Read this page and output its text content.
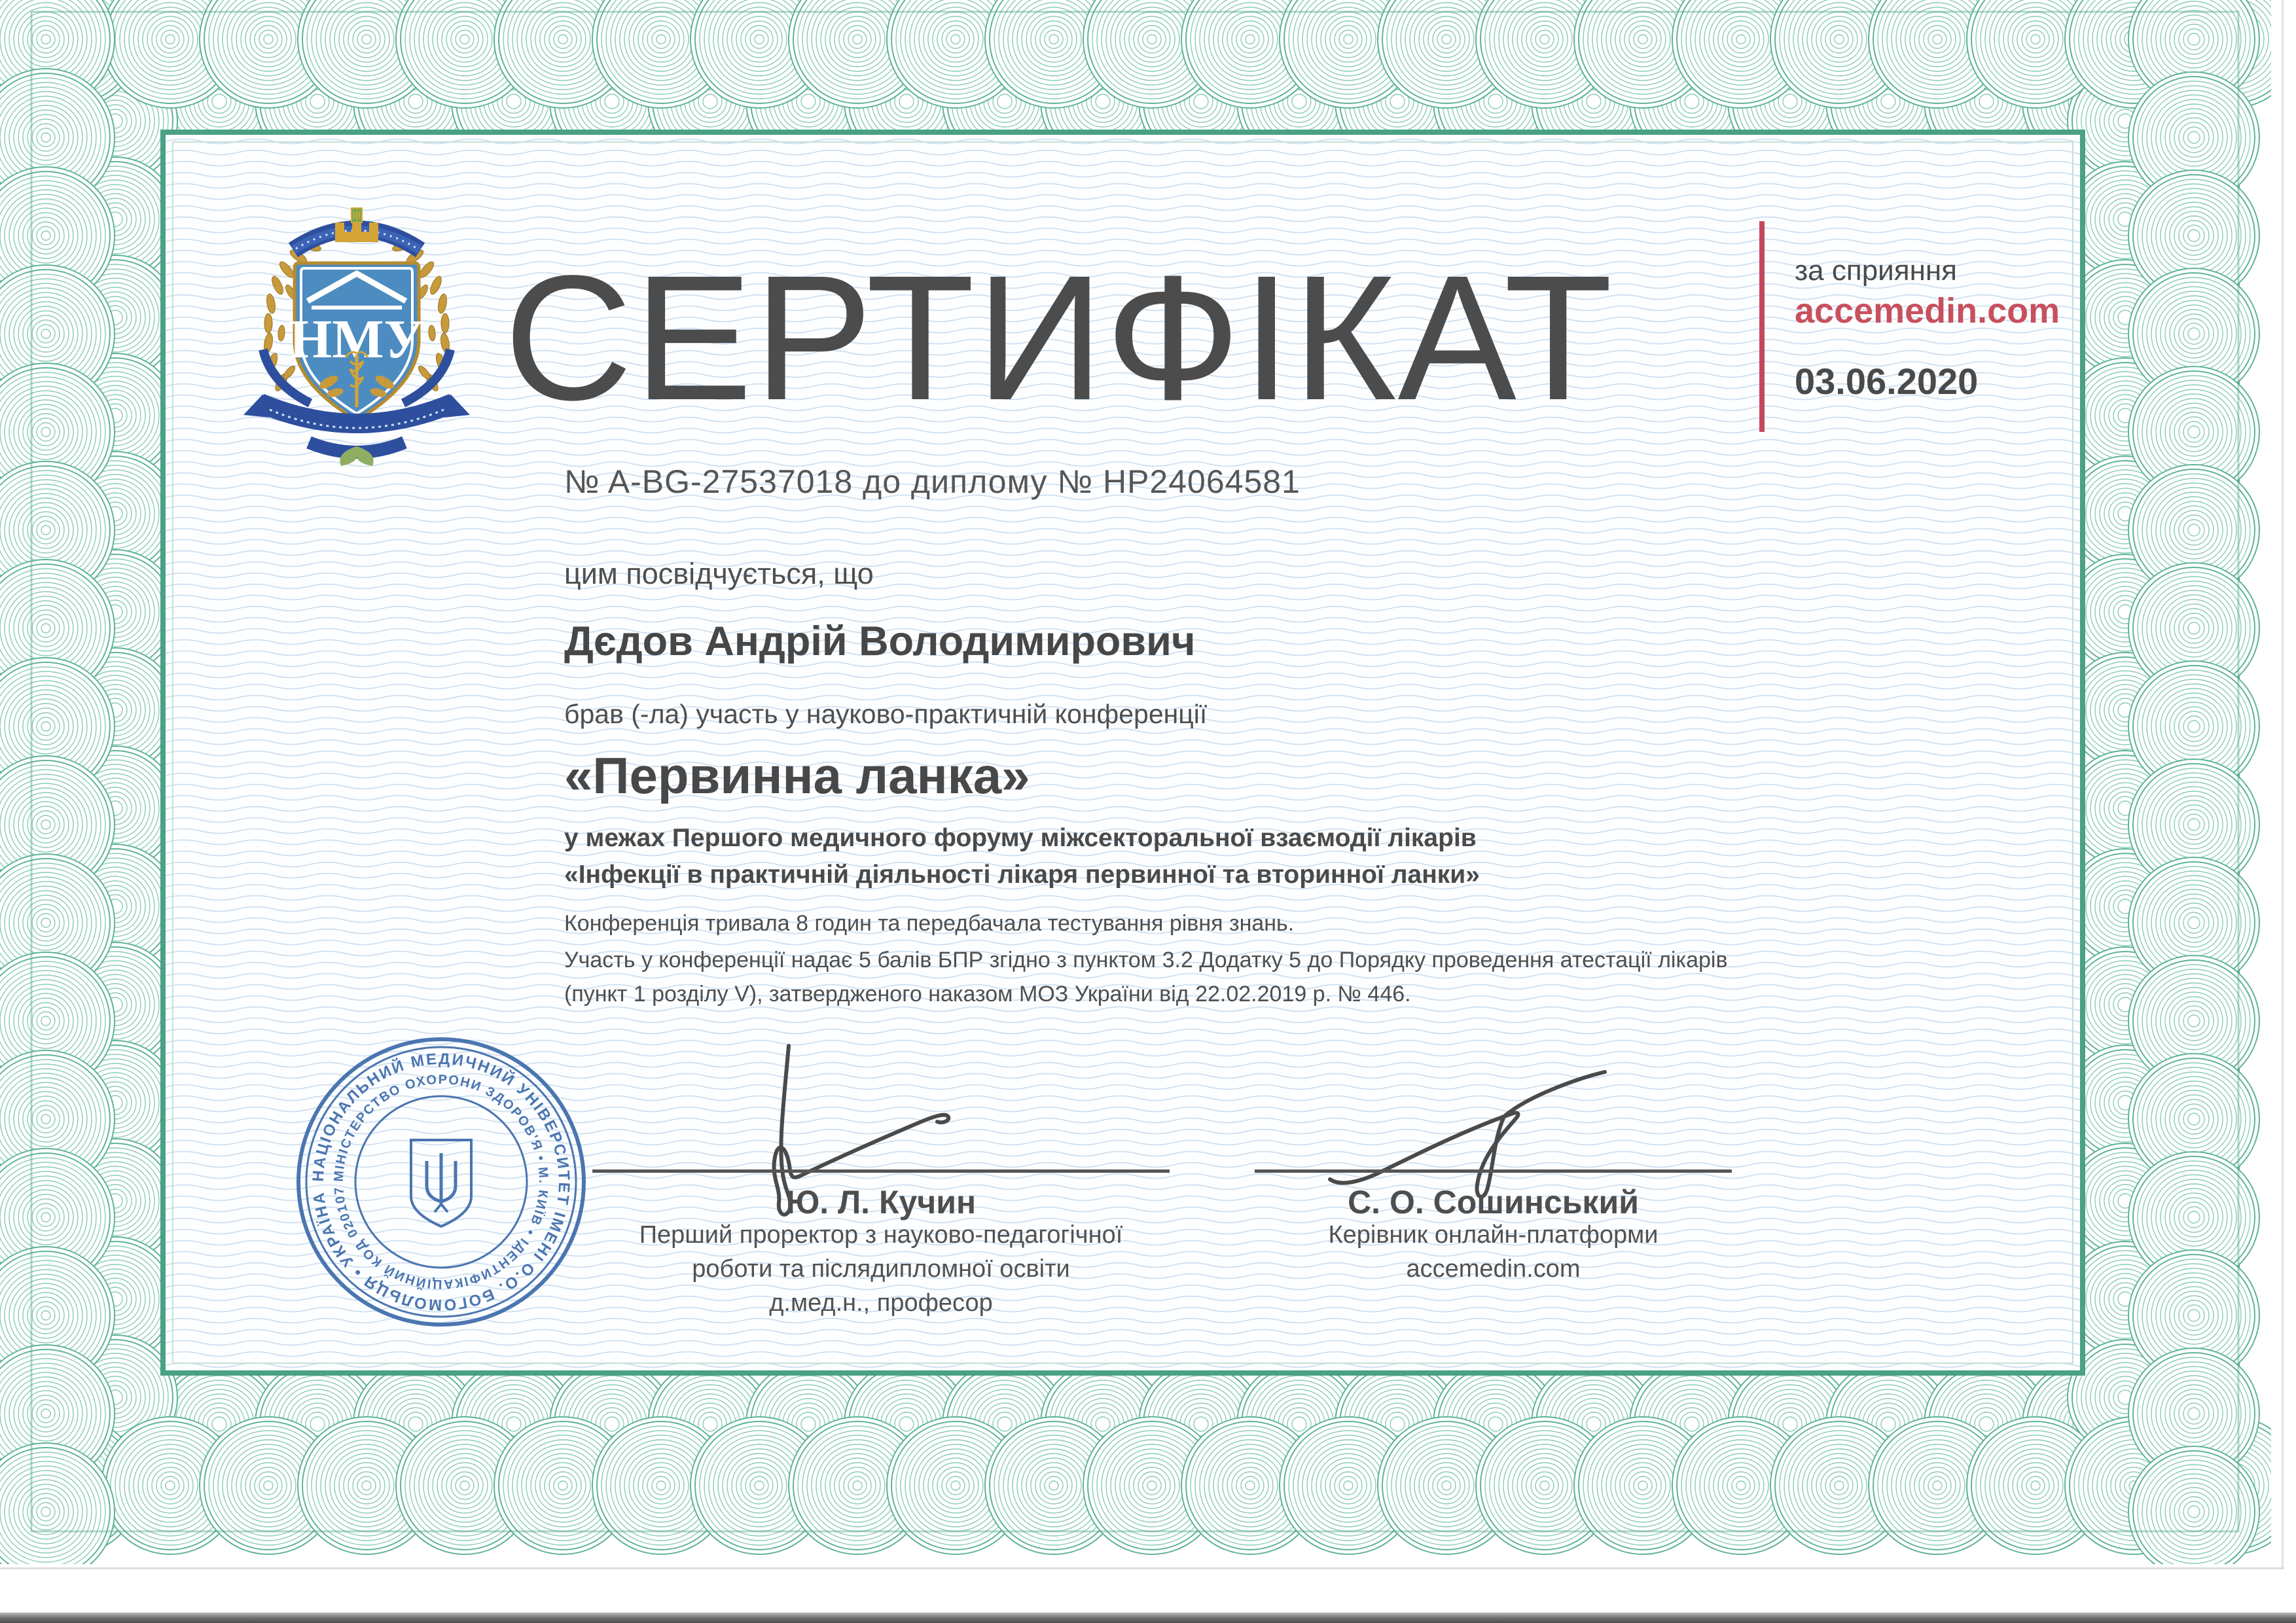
НМУ СЕРТИФІКАТ	за сприяння
accemedin.com
03.06.2020
№ A-BG-27537018 до диплому № НР24064581
цим посвідчується, що
Дєдов Андрій Володимирович
брав (-ла) участь у науково-практичній конференції
«Первинна ланка»
у межах Першого медичного форуму міжсекторальної взаємодії лікарів
«Інфекції в практичній діяльності лікаря первинної та вторинної ланки»
Конференція тривала 8 годин та передбачала тестування рівня знань.
Участь у конференції надає 5 балів БПР згідно з пунктом 3.2 Додатку 5 до Порядку проведення атестації лікарів
(пункт 1 розділу V), затвердженого наказом МОЗ України від 22.02.2019 р. № 446.
НАЦІОНАЛЬНИЙ МЕДИЧНИЙ УНІВЕРСИТЕТ ІМЕНІ О.О. БОГОМОЛЬЦЯ • УКРАЇНА
МІНІСТЕРСТВО ОХОРОНИ ЗДОРОВ'Я • М. КИЇВ • ІДЕНТИФІКАЦІЙНИЙ КОД 02010787
Ю. Л. Кучин
Перший проректор з науково-педагогічної
роботи та післядипломної освіти
д.мед.н., професор
С. О. Сошинський
Керівник онлайн-платформи
accemedin.com
